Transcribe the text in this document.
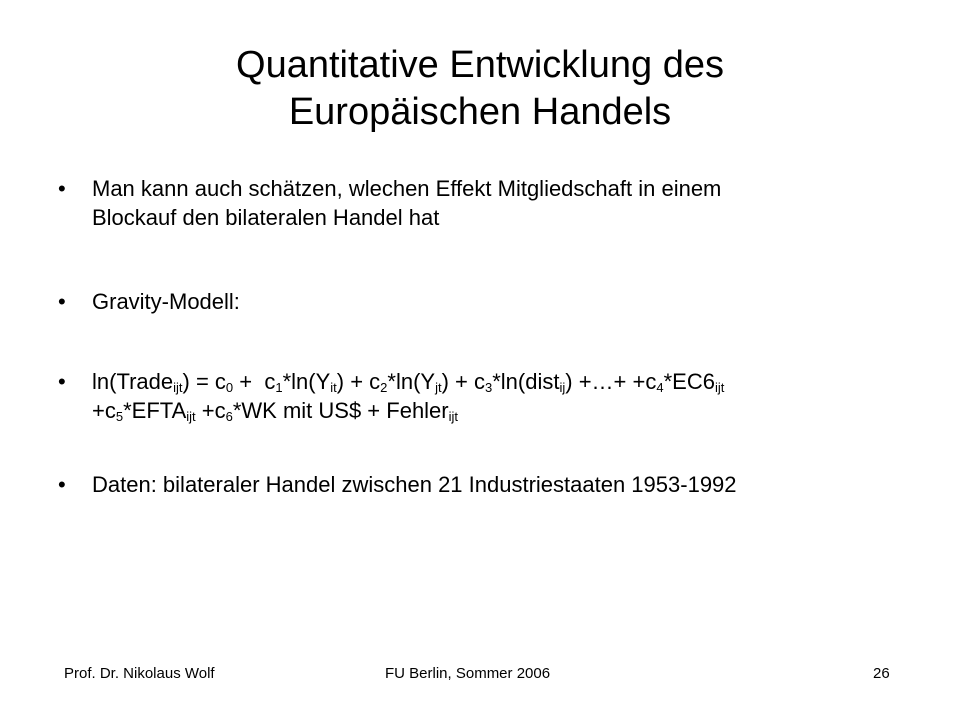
Quantitative Entwicklung des
Europäischen Handels
•	Man kann auch schätzen, wlechen Effekt Mitgliedschaft in einem
Blockauf den bilateralen Handel hat
•	Gravity-Modell:
•	ln(Trade$_{ijt}$) = $c_0 + c_1*\ln(Y_{it}) + c_2*\ln(Y_{jt})$ + $c_3*\ln(dist_{ij})$ +…+ $+c_4*EC6_{ijt}$
$+c_5*EFTA_{ijt} +c_6*WK$ mit US$ + Fehler$_{ijt}$
•	Daten: bilateraler Handel zwischen 21 Industriestaaten 1953-1992
Prof. Dr. Nikolaus Wolf	FU Berlin, Sommer 2006	26
